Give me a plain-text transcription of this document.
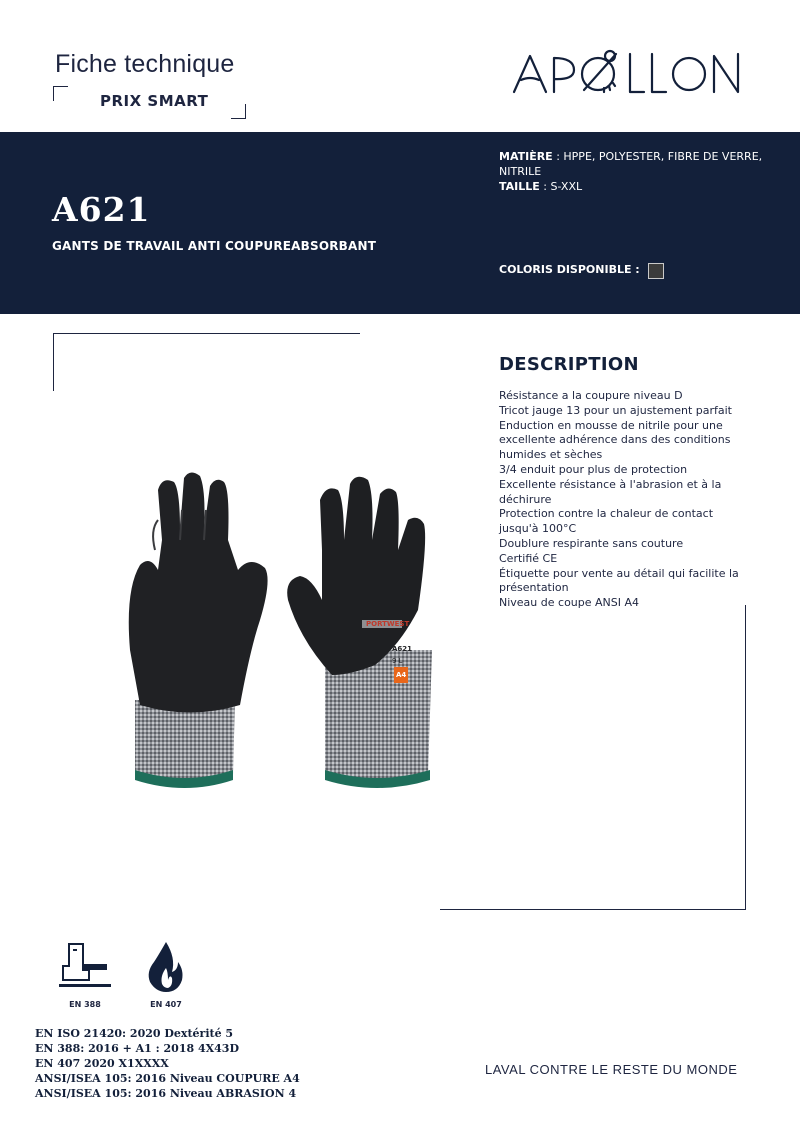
Fiche technique
PRIX SMART
A621
GANTS DE TRAVAIL ANTI COUPUREABSORBANT
MATIÈRE : HPPE, POLYESTER, FIBRE DE VERRE, NITRILE
TAILLE : S-XXL
COLORIS DISPONIBLE :
DESCRIPTION
Résistance a la coupure niveau D
Tricot jauge 13 pour un ajustement parfait
Enduction en mousse de nitrile pour une
excellente adhérence dans des conditions
humides et sèches
3/4 enduit pour plus de protection
Excellente résistance à l'abrasion et à la
déchirure
Protection contre la chaleur de contact
jusqu'à 100°C
Doublure respirante sans couture
Certifié CE
Étiquette pour vente au détail qui facilite la
présentation
Niveau de coupe ANSI A4
PORTWEST
A621
9 L
A4
EN 388	EN 407
EN ISO 21420: 2020 Dextérité 5
EN 388: 2016 + A1 : 2018 4X43D
EN 407 2020 X1XXXX
ANSI/ISEA 105: 2016 Niveau COUPURE A4
ANSI/ISEA 105: 2016 Niveau ABRASION 4
LAVAL CONTRE LE RESTE DU MONDE
